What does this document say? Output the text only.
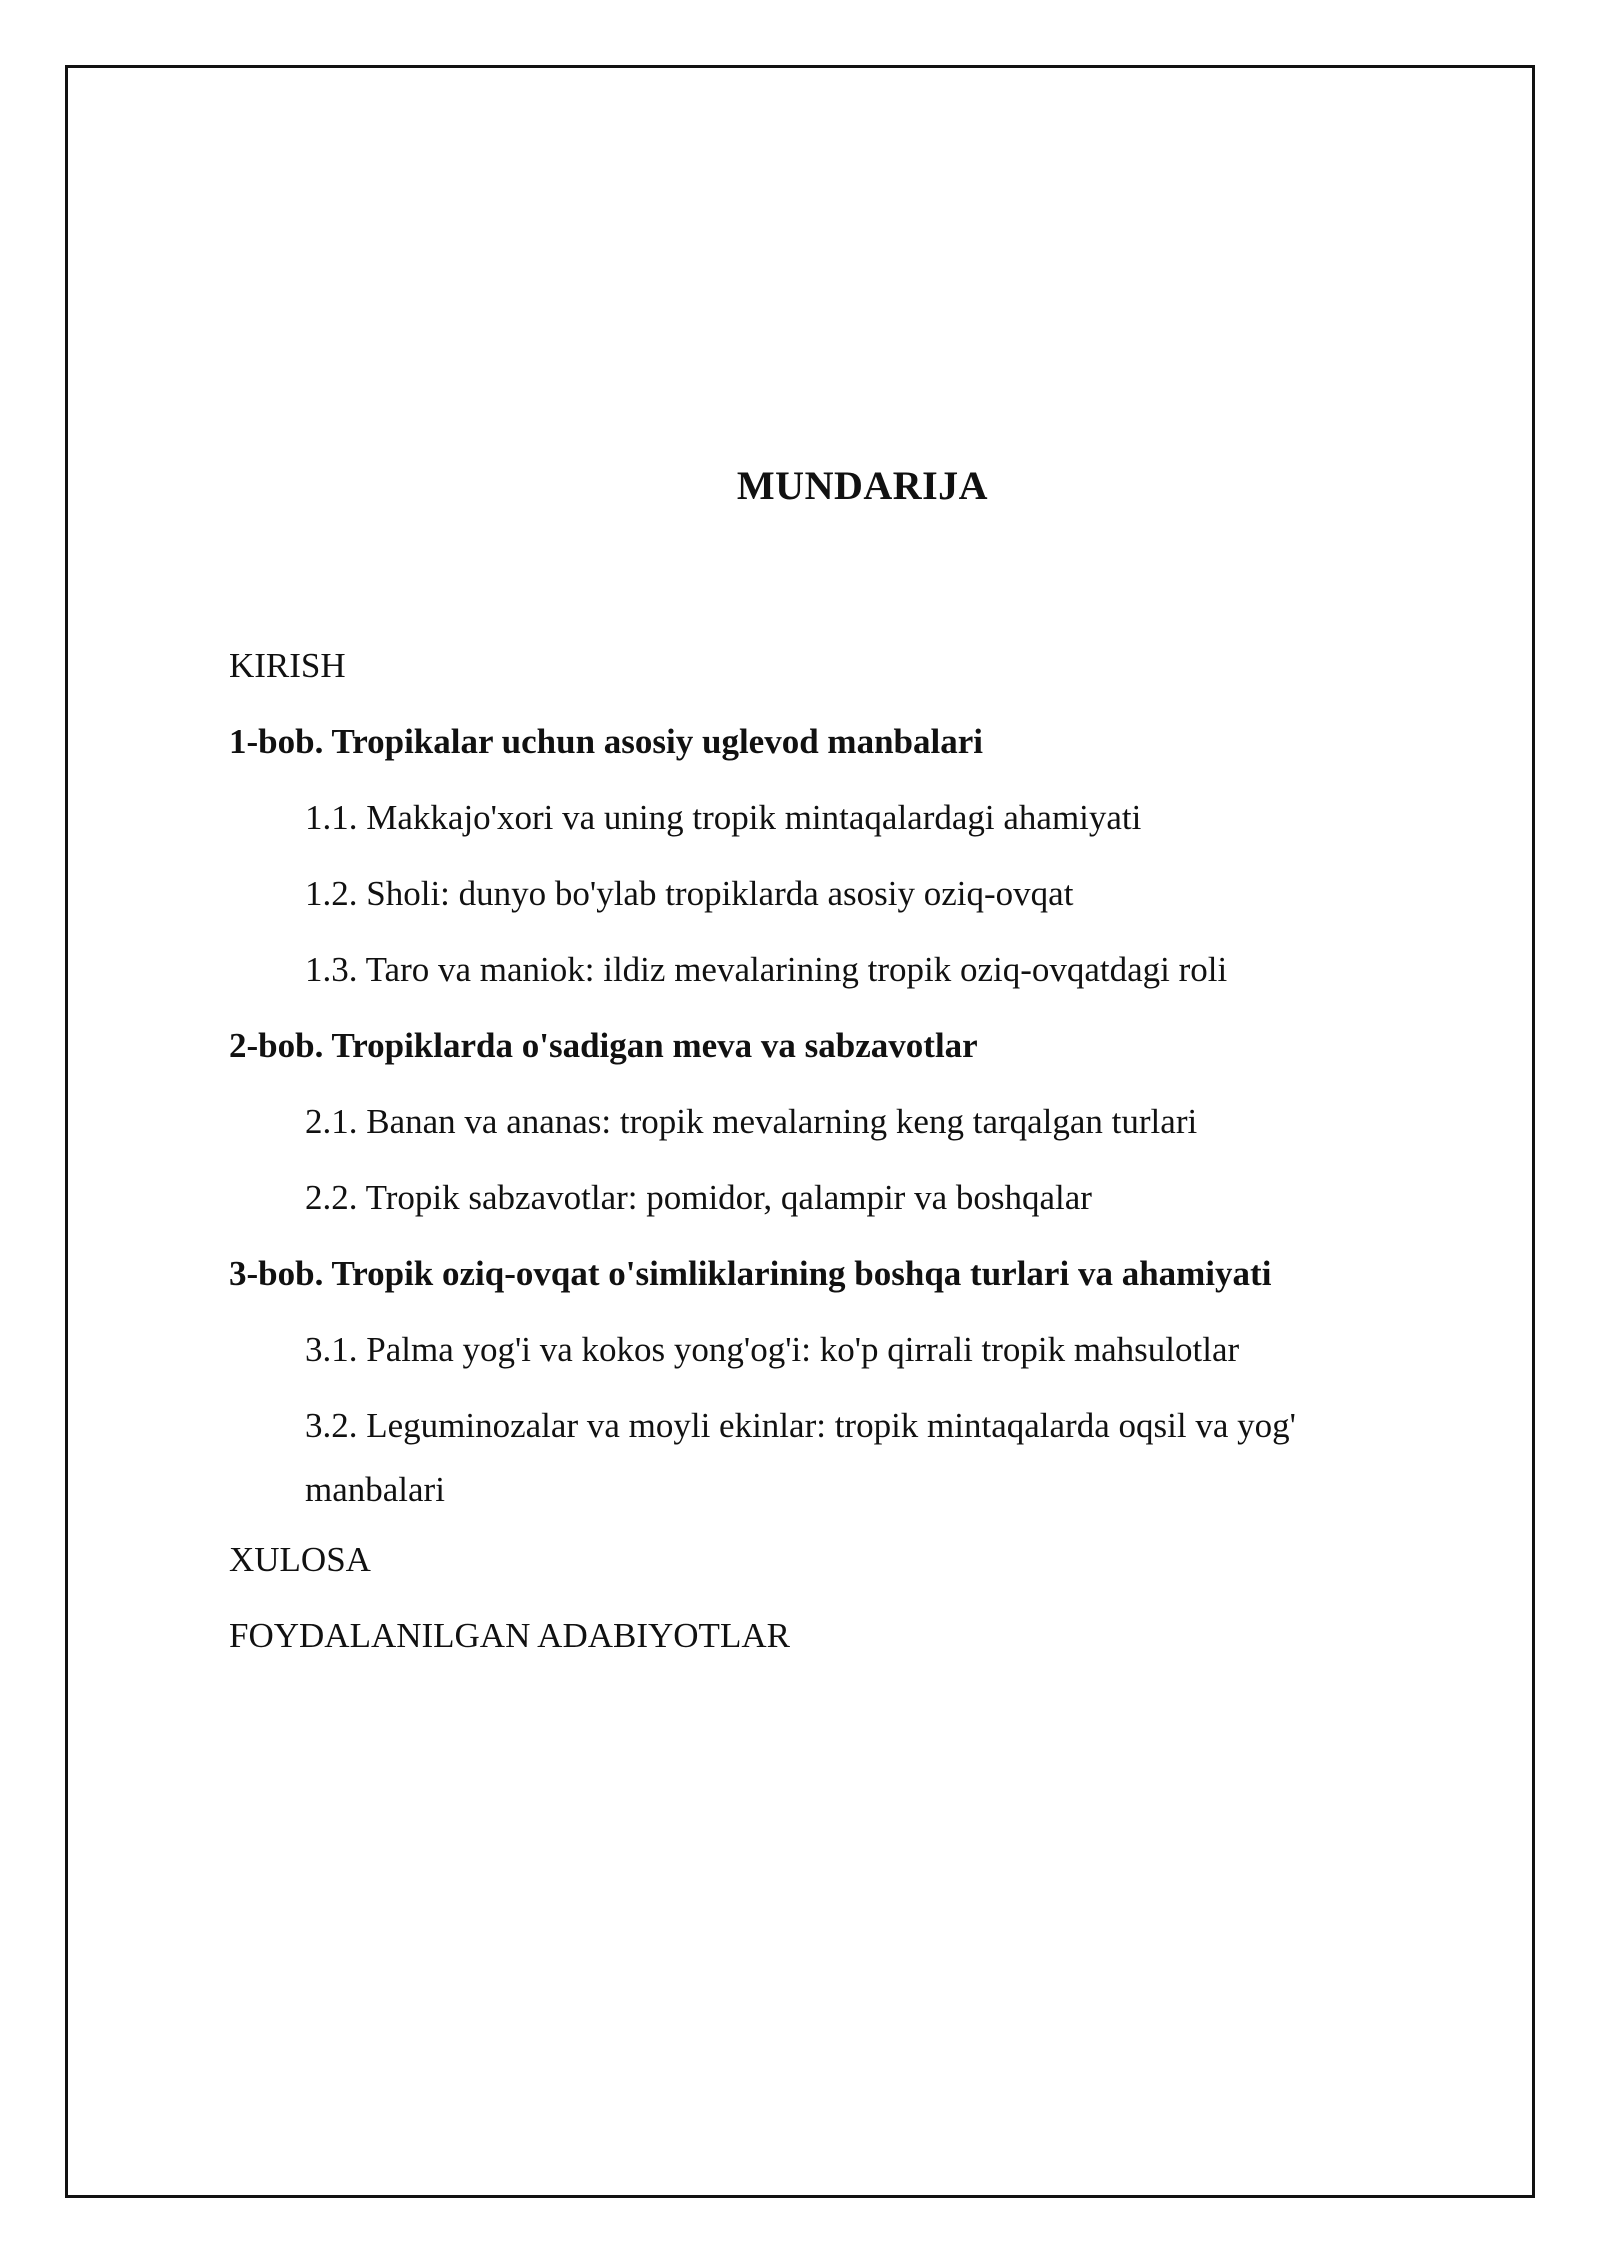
MUNDARIJA
KIRISH
1-bob. Tropikalar uchun asosiy uglevod manbalari
1.1. Makkajo'xori va uning tropik mintaqalardagi ahamiyati
1.2. Sholi: dunyo bo'ylab tropiklarda asosiy oziq-ovqat
1.3. Taro va maniok: ildiz mevalarining tropik oziq-ovqatdagi roli
2-bob. Tropiklarda o'sadigan meva va sabzavotlar
2.1. Banan va ananas: tropik mevalarning keng tarqalgan turlari
2.2. Tropik sabzavotlar: pomidor, qalampir va boshqalar
3-bob. Tropik oziq-ovqat o'simliklarining boshqa turlari va ahamiyati
3.1. Palma yog'i va kokos yong'og'i: ko'p qirrali tropik mahsulotlar
3.2. Leguminozalar va moyli ekinlar: tropik mintaqalarda oqsil va yog' manbalari
XULOSA
FOYDALANILGAN ADABIYOTLAR
